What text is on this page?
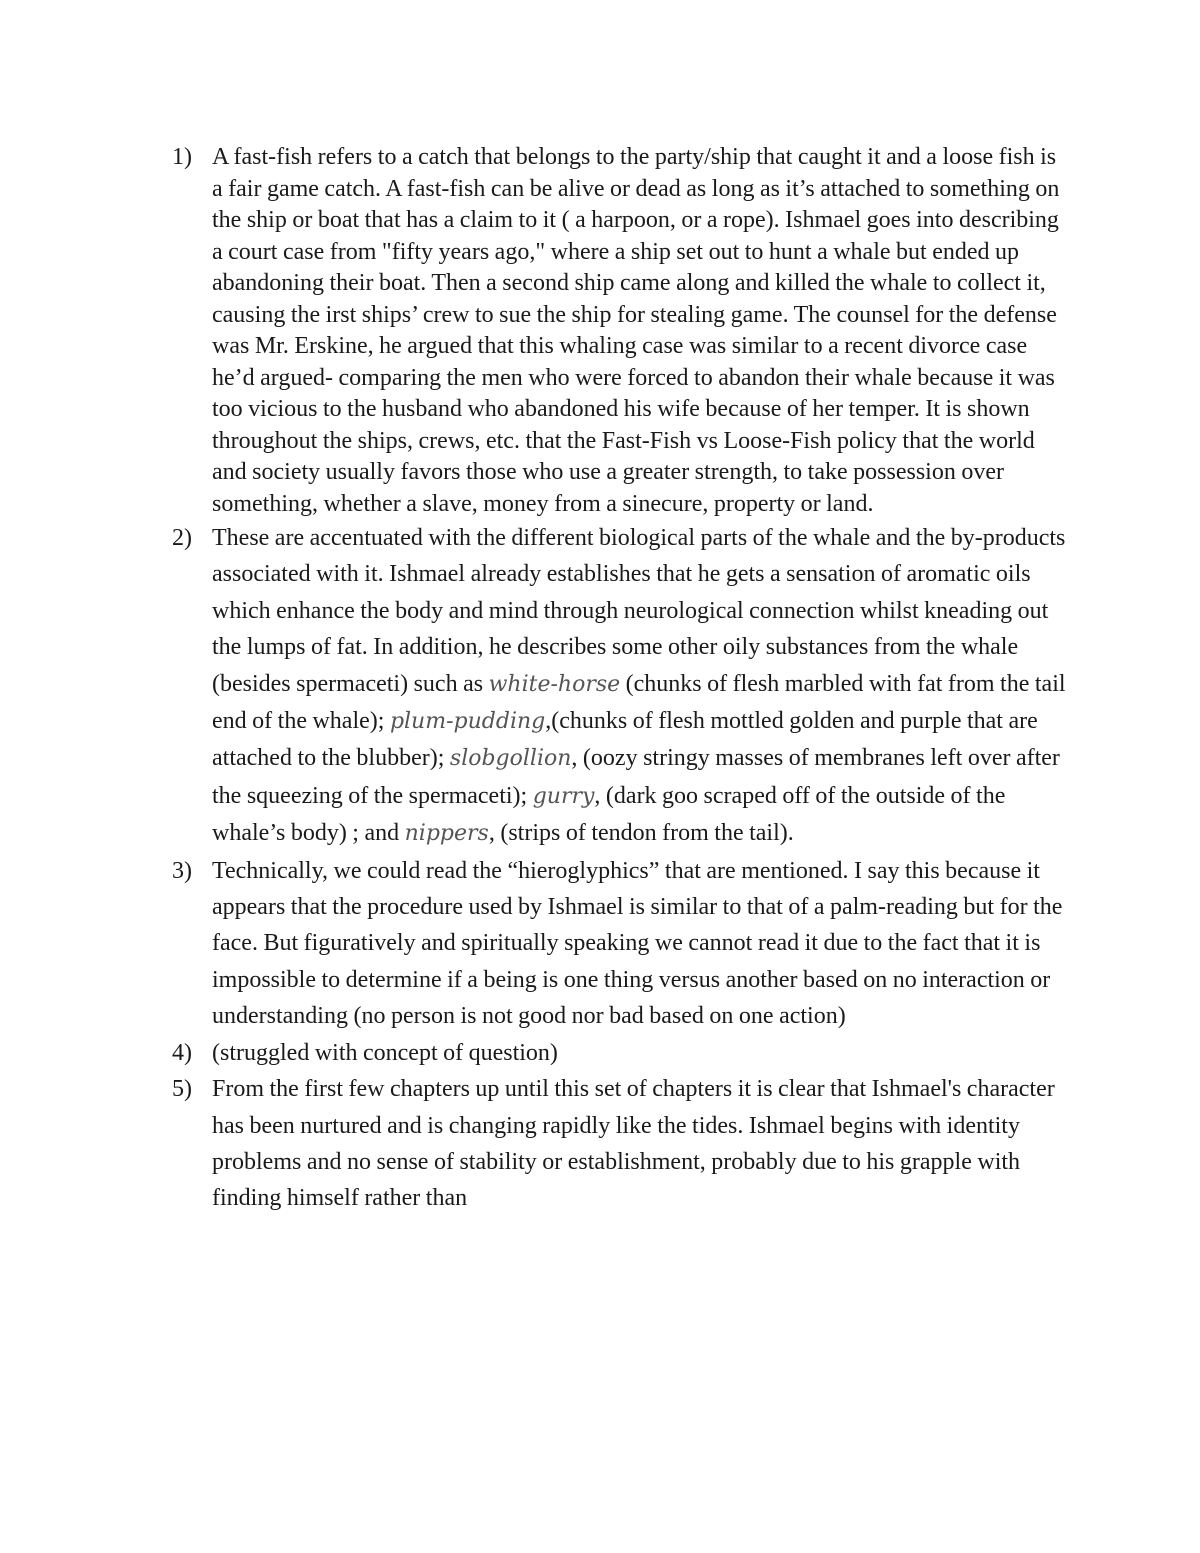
1) A fast-fish refers to a catch that belongs to the party/ship that caught it and a loose fish is a fair game catch. A fast-fish can be alive or dead as long as it’s attached to something on the ship or boat that has a claim to it ( a harpoon, or a rope). Ishmael goes into describing a court case from "fifty years ago," where a ship set out to hunt a whale but ended up abandoning their boat. Then a second ship came along and killed the whale to collect it, causing the irst ships’ crew to sue the ship for stealing game. The counsel for the defense was Mr. Erskine, he argued that this whaling case was similar to a recent divorce case he’d argued- comparing the men who were forced to abandon their whale because it was too vicious to the husband who abandoned his wife because of her temper. It is shown throughout the ships, crews, etc. that the Fast-Fish vs Loose-Fish policy that the world and society usually favors those who use a greater strength, to take possession over something, whether a slave, money from a sinecure, property or land.
2) These are accentuated with the different biological parts of the whale and the by-products associated with it. Ishmael already establishes that he gets a sensation of aromatic oils which enhance the body and mind through neurological connection whilst kneading out the lumps of fat. In addition, he describes some other oily substances from the whale (besides spermaceti) such as white-horse (chunks of flesh marbled with fat from the tail end of the whale); plum-pudding,(chunks of flesh mottled golden and purple that are attached to the blubber); slobgollion, (oozy stringy masses of membranes left over after the squeezing of the spermaceti); gurry, (dark goo scraped off of the outside of the whale’s body) ; and nippers, (strips of tendon from the tail).
3) Technically, we could read the “hieroglyphics” that are mentioned. I say this because it appears that the procedure used by Ishmael is similar to that of a palm-reading but for the face. But figuratively and spiritually speaking we cannot read it due to the fact that it is impossible to determine if a being is one thing versus another based on no interaction or understanding (no person is not good nor bad based on one action)
4) (struggled with concept of question)
5) From the first few chapters up until this set of chapters it is clear that Ishmael's character has been nurtured and is changing rapidly like the tides. Ishmael begins with identity problems and no sense of stability or establishment, probably due to his grapple with finding himself rather than
